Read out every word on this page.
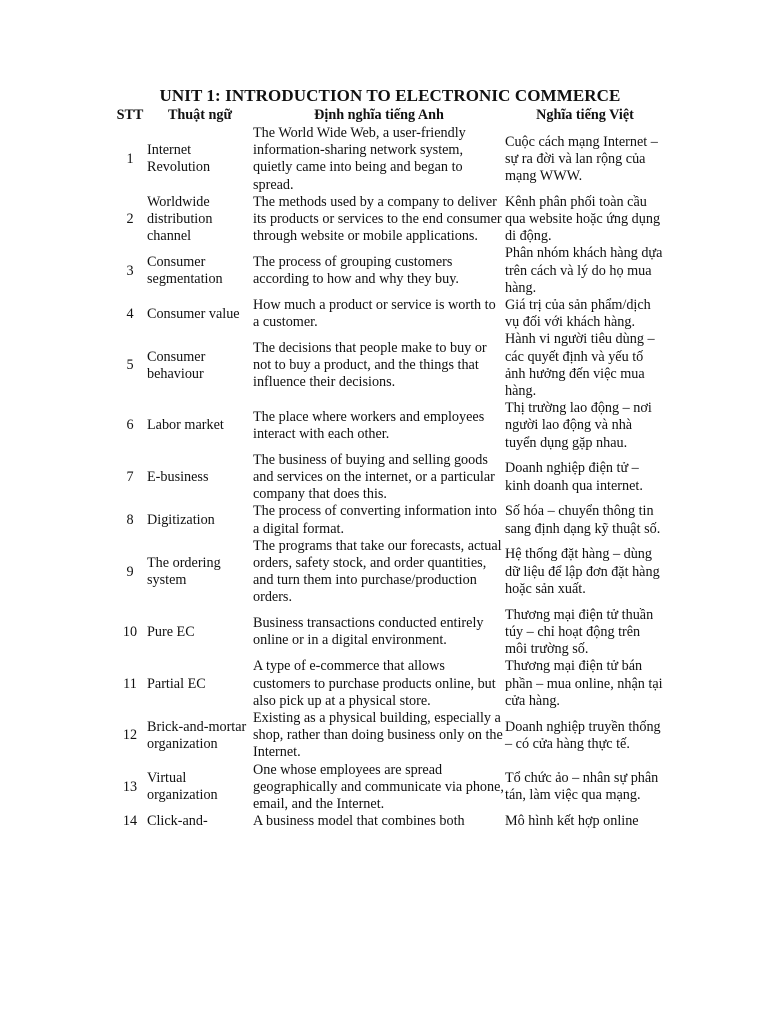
UNIT 1: INTRODUCTION TO ELECTRONIC COMMERCE
STT	Thuật ngữ	Định nghĩa tiếng Anh	Nghĩa tiếng Việt
1	Internet Revolution	The World Wide Web, a user-friendly information-sharing network system, quietly came into being and began to spread.	Cuộc cách mạng Internet – sự ra đời và lan rộng của mạng WWW.
2	Worldwide distribution channel	The methods used by a company to deliver its products or services to the end consumer through website or mobile applications.	Kênh phân phối toàn cầu qua website hoặc ứng dụng di động.
3	Consumer segmentation	The process of grouping customers according to how and why they buy.	Phân nhóm khách hàng dựa trên cách và lý do họ mua hàng.
4	Consumer value	How much a product or service is worth to a customer.	Giá trị của sản phẩm/dịch vụ đối với khách hàng.
5	Consumer behaviour	The decisions that people make to buy or not to buy a product, and the things that influence their decisions.	Hành vi người tiêu dùng – các quyết định và yếu tố ảnh hưởng đến việc mua hàng.
6	Labor market	The place where workers and employees interact with each other.	Thị trường lao động – nơi người lao động và nhà tuyển dụng gặp nhau.
7	E-business	The business of buying and selling goods and services on the internet, or a particular company that does this.	Doanh nghiệp điện tử – kinh doanh qua internet.
8	Digitization	The process of converting information into a digital format.	Số hóa – chuyển thông tin sang định dạng kỹ thuật số.
9	The ordering system	The programs that take our forecasts, actual orders, safety stock, and order quantities, and turn them into purchase/production orders.	Hệ thống đặt hàng – dùng dữ liệu để lập đơn đặt hàng hoặc sản xuất.
10	Pure EC	Business transactions conducted entirely online or in a digital environment.	Thương mại điện tử thuần túy – chỉ hoạt động trên môi trường số.
11	Partial EC	A type of e-commerce that allows customers to purchase products online, but also pick up at a physical store.	Thương mại điện tử bán phần – mua online, nhận tại cửa hàng.
12	Brick-and-mortar organization	Existing as a physical building, especially a shop, rather than doing business only on the Internet.	Doanh nghiệp truyền thống – có cửa hàng thực tế.
13	Virtual organization	One whose employees are spread geographically and communicate via phone, email, and the Internet.	Tổ chức ảo – nhân sự phân tán, làm việc qua mạng.
14	Click-and-	A business model that combines both	Mô hình kết hợp online
